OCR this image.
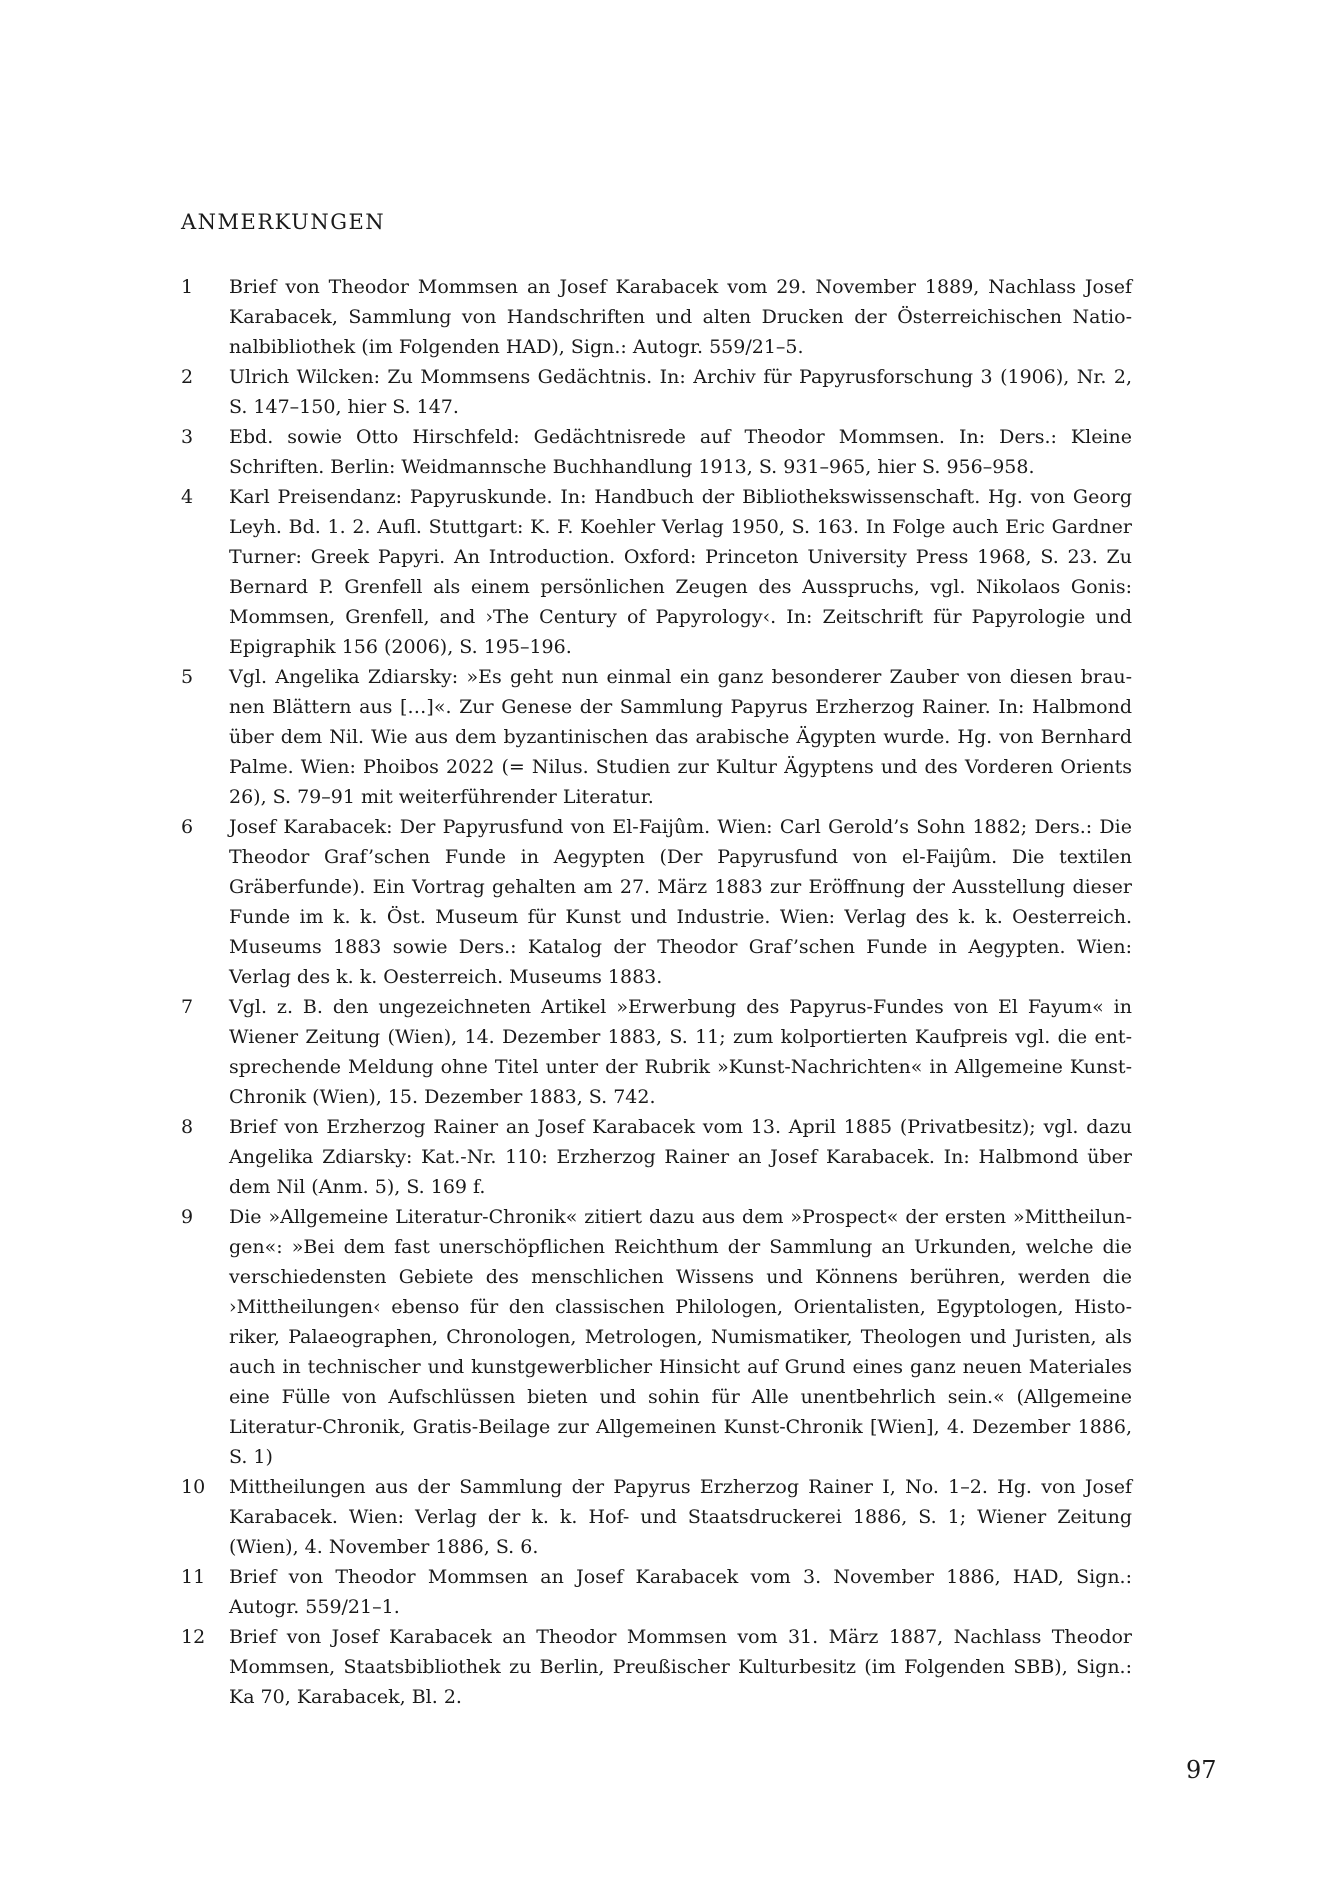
ANMERKUNGEN
1	Brief von Theodor Mommsen an Josef Karabacek vom 29. November 1889, Nachlass Josef Karabacek, Sammlung von Handschriften und alten Drucken der Österreichischen Nationalbibliothek (im Folgenden HAD), Sign.: Autogr. 559/21–5.
2	Ulrich Wilcken: Zu Mommsens Gedächtnis. In: Archiv für Papyrusforschung 3 (1906), Nr. 2, S. 147–150, hier S. 147.
3	Ebd. sowie Otto Hirschfeld: Gedächtnisrede auf Theodor Mommsen. In: Ders.: Kleine Schriften. Berlin: Weidmannsche Buchhandlung 1913, S. 931–965, hier S. 956–958.
4	Karl Preisendanz: Papyruskunde. In: Handbuch der Bibliothekswissenschaft. Hg. von Georg Leyh. Bd. 1. 2. Aufl. Stuttgart: K. F. Koehler Verlag 1950, S. 163. In Folge auch Eric Gardner Turner: Greek Papyri. An Introduction. Oxford: Princeton University Press 1968, S. 23. Zu Bernard P. Grenfell als einem persönlichen Zeugen des Ausspruchs, vgl. Nikolaos Gonis: Mommsen, Grenfell, and ›The Century of Papyrology‹. In: Zeitschrift für Papyrologie und Epigraphik 156 (2006), S. 195–196.
5	Vgl. Angelika Zdiarsky: »Es geht nun einmal ein ganz besonderer Zauber von diesen braunen Blättern aus […]«. Zur Genese der Sammlung Papyrus Erzherzog Rainer. In: Halbmond über dem Nil. Wie aus dem byzantinischen das arabische Ägypten wurde. Hg. von Bernhard Palme. Wien: Phoibos 2022 (= Nilus. Studien zur Kultur Ägyptens und des Vorderen Orients 26), S. 79–91 mit weiterführender Literatur.
6	Josef Karabacek: Der Papyrusfund von El-Faijûm. Wien: Carl Gerold’s Sohn 1882; Ders.: Die Theodor Graf’schen Funde in Aegypten (Der Papyrusfund von el-Faijûm. Die textilen Gräberfunde). Ein Vortrag gehalten am 27. März 1883 zur Eröffnung der Ausstellung dieser Funde im k. k. Öst. Museum für Kunst und Industrie. Wien: Verlag des k. k. Oesterreich. Museums 1883 sowie Ders.: Katalog der Theodor Graf’schen Funde in Aegypten. Wien: Verlag des k. k. Oesterreich. Museums 1883.
7	Vgl. z. B. den ungezeichneten Artikel »Erwerbung des Papyrus-Fundes von El Fayum« in Wiener Zeitung (Wien), 14. Dezember 1883, S. 11; zum kolportierten Kaufpreis vgl. die entsprechende Meldung ohne Titel unter der Rubrik »Kunst-Nachrichten« in Allgemeine Kunst-Chronik (Wien), 15. Dezember 1883, S. 742.
8	Brief von Erzherzog Rainer an Josef Karabacek vom 13. April 1885 (Privatbesitz); vgl. dazu Angelika Zdiarsky: Kat.-Nr. 110: Erzherzog Rainer an Josef Karabacek. In: Halbmond über dem Nil (Anm. 5), S. 169 f.
9	Die »Allgemeine Literatur-Chronik« zitiert dazu aus dem »Prospect« der ersten »Mittheilungen«: »Bei dem fast unerschöpflichen Reichthum der Sammlung an Urkunden, welche die verschiedensten Gebiete des menschlichen Wissens und Könnens berühren, werden die ›Mittheilungen‹ ebenso für den classischen Philologen, Orientalisten, Egyptologen, Historiker, Palaeographen, Chronologen, Metrologen, Numismatiker, Theologen und Juristen, als auch in technischer und kunstgewerblicher Hinsicht auf Grund eines ganz neuen Materiales eine Fülle von Aufschlüssen bieten und sohin für Alle unentbehrlich sein.« (Allgemeine Literatur-Chronik, Gratis-Beilage zur Allgemeinen Kunst-Chronik [Wien], 4. Dezember 1886, S. 1)
10	Mittheilungen aus der Sammlung der Papyrus Erzherzog Rainer I, No. 1–2. Hg. von Josef Karabacek. Wien: Verlag der k. k. Hof- und Staatsdruckerei 1886, S. 1; Wiener Zeitung (Wien), 4. November 1886, S. 6.
11	Brief von Theodor Mommsen an Josef Karabacek vom 3. November 1886, HAD, Sign.: Autogr. 559/21–1.
12	Brief von Josef Karabacek an Theodor Mommsen vom 31. März 1887, Nachlass Theodor Mommsen, Staatsbibliothek zu Berlin, Preußischer Kulturbesitz (im Folgenden SBB), Sign.: Ka 70, Karabacek, Bl. 2.
97
